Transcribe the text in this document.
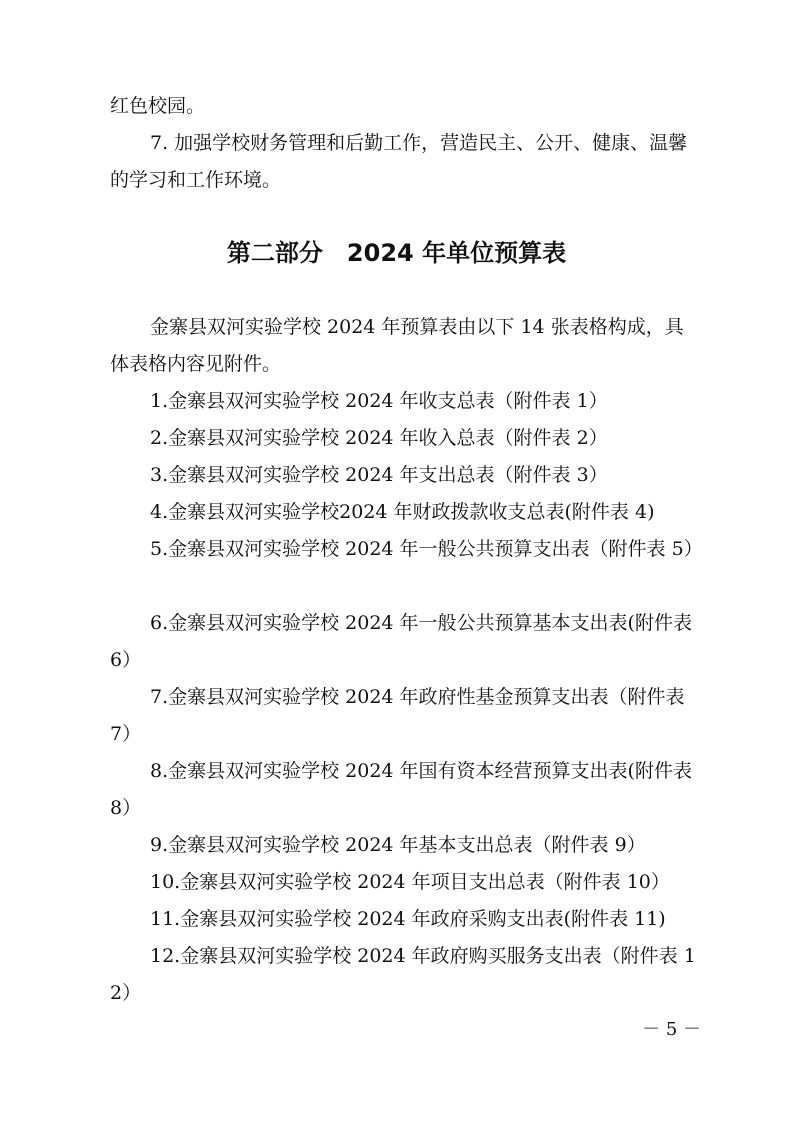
红色校园。

7. 加强学校财务管理和后勤工作，营造民主、公开、健康、温馨的学习和工作环境。

第二部分　2024 年单位预算表

金寨县双河实验学校 2024 年预算表由以下 14 张表格构成，具体表格内容见附件。

1.金寨县双河实验学校 2024 年收支总表（附件表 1）

2.金寨县双河实验学校 2024 年收入总表（附件表 2）

3.金寨县双河实验学校 2024 年支出总表（附件表 3）

4.金寨县双河实验学校2024 年财政拨款收支总表(附件表 4)

5.金寨县双河实验学校 2024 年一般公共预算支出表（附件表 5）

6.金寨县双河实验学校 2024 年一般公共预算基本支出表(附件表 6）

7.金寨县双河实验学校 2024 年政府性基金预算支出表（附件表 7）

8.金寨县双河实验学校 2024 年国有资本经营预算支出表(附件表 8）

9.金寨县双河实验学校 2024 年基本支出总表（附件表 9）

10.金寨县双河实验学校 2024 年项目支出总表（附件表 10）

11.金寨县双河实验学校 2024 年政府采购支出表(附件表 11)

12.金寨县双河实验学校 2024 年政府购买服务支出表（附件表 12）

－ 5 －
